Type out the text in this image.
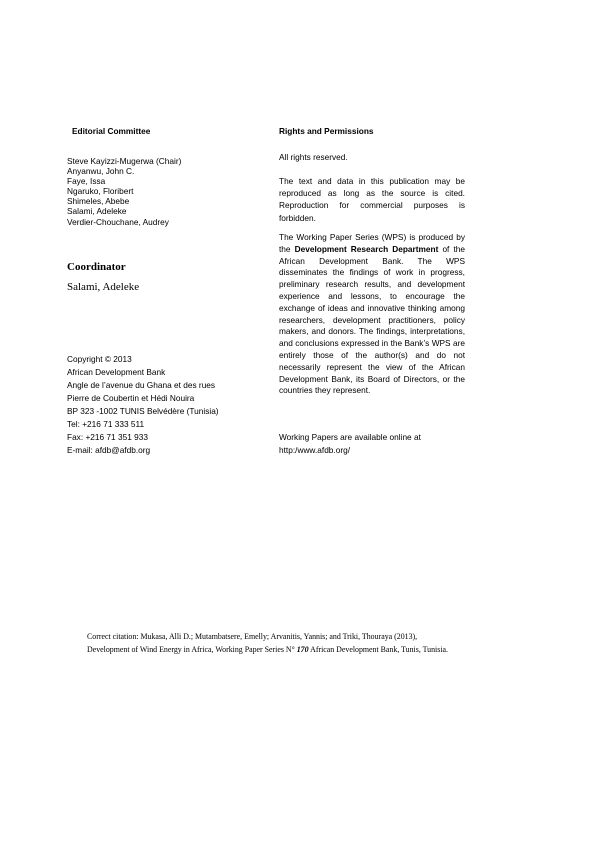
Editorial Committee
Steve Kayizzi-Mugerwa (Chair)
Anyanwu, John C.
Faye, Issa
Ngaruko, Floribert
Shimeles, Abebe
Salami, Adeleke
Verdier-Chouchane, Audrey
Coordinator
Salami, Adeleke
Copyright © 2013
African Development Bank
Angle de l’avenue du Ghana et des rues
Pierre de Coubertin et Hédi Nouira
BP 323 -1002 TUNIS Belvédère (Tunisia)
Tel: +216 71 333 511
Fax: +216 71 351 933
E-mail: afdb@afdb.org
Rights and Permissions
All rights reserved.
The text and data in this publication may be reproduced as long as the source is cited. Reproduction for commercial purposes is forbidden.
The Working Paper Series (WPS) is produced by the Development Research Department of the African Development Bank. The WPS disseminates the findings of work in progress, preliminary research results, and development experience and lessons, to encourage the exchange of ideas and innovative thinking among researchers, development practitioners, policy makers, and donors. The findings, interpretations, and conclusions expressed in the Bank’s WPS are entirely those of the author(s) and do not necessarily represent the view of the African Development Bank, its Board of Directors, or the countries they represent.
Working Papers are available online at
http:/www.afdb.org/
Correct citation: Mukasa, Alli D.; Mutambatsere, Emelly; Arvanitis, Yannis; and Triki, Thouraya (2013),
Development of Wind Energy in Africa, Working Paper Series N° 170 African Development Bank, Tunis, Tunisia.
